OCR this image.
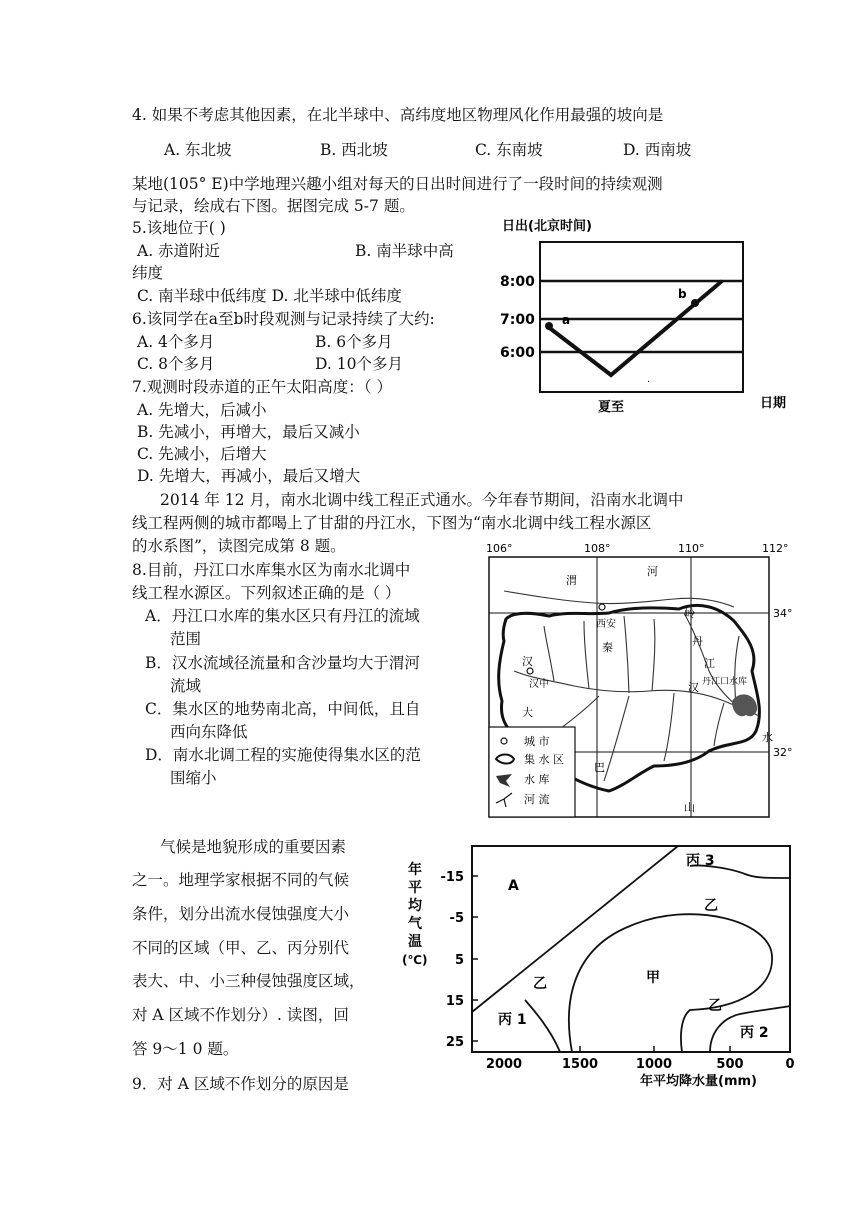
4. 如果不考虑其他因素，在北半球中、高纬度地区物理风化作用最强的坡向是
A. 东北坡	B. 西北坡	C. 东南坡	D. 西南坡
某地(105° E)中学地理兴趣小组对每天的日出时间进行了一段时间的持续观测
与记录，绘成右下图。据图完成 5-7 题。
5.该地位于( )
A. 赤道附近	B. 南半球中高
纬度
C. 南半球中低纬度 D. 北半球中低纬度
6.该同学在a至b时段观测与记录持续了大约:
A. 4个多月	B. 6个多月
C. 8个多月	D. 10个多月
7.观测时段赤道的正午太阳高度：（ ）
A. 先增大，后减小
B. 先减小，再增大，最后又减小
C. 先减小，后增大
D. 先增大，再减小，最后又增大
日出(北京时间)
8:00
7:00
6:00
a
b
.
夏至	日期
2014 年 12 月，南水北调中线工程正式通水。今年春节期间，沿南水北调中
线工程两侧的城市都喝上了甘甜的丹江水，下图为“南水北调中线工程水源区
的水系图”，读图完成第 8 题。
8.目前，丹江口水库集水区为南水北调中
线工程水源区。下列叙述正确的是（ ）
A．丹江口水库的集水区只有丹江的流域
范围
B．汉水流域径流量和含沙量均大于渭河
流域
C．集水区的地势南北高，中间低，且自
西向东降低
D．南水北调工程的实施使得集水区的范
围缩小
106°	108°	110°	112°
34°
32°
渭
河
西安
秦
岭
汉
汉中
丹
江
汉 丹江口水库
大
巴
山
水
城 市
集 水 区
水 库
河 流
气候是地貌形成的重要因素
之一。地理学家根据不同的气候
条件，划分出流水侵蚀强度大小
不同的区域（甲、乙、丙分别代
表大、中、小三种侵蚀强度区域，
对 A 区域不作划分）. 读图，回
答 9～1 0 题。
9．对 A 区域不作划分的原因是
年
平
均
气
温
(℃)
-15
-5
5
15
25
A
丙 3
乙
乙	甲
丙 1
乙
丙 2
2000	1500	1000	500	0
年平均降水量(mm)
